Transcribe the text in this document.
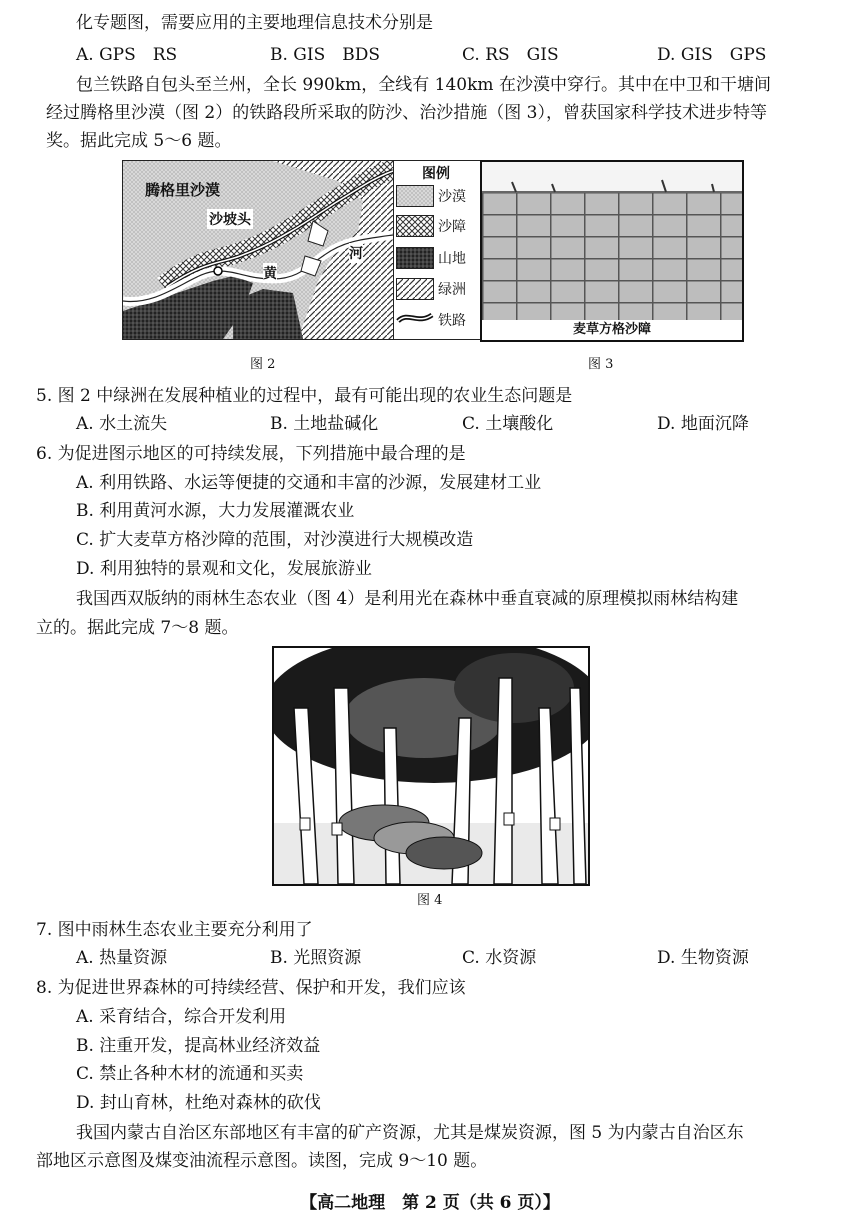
化专题图，需要应用的主要地理信息技术分别是
A. GPS　RS	B. GIS　BDS	C. RS　GIS	D. GIS　GPS
包兰铁路自包头至兰州，全长 990km，全线有 140km 在沙漠中穿行。其中在中卫和干塘间
经过腾格里沙漠（图 2）的铁路段所采取的防沙、治沙措施（图 3），曾获国家科学技术进步特等
奖。据此完成 5～6 题。
腾格里沙漠
沙坡头
黄
河
图例
沙漠
沙障
山地
绿洲
铁路
麦草方格沙障
图 2	图 3
5. 图 2 中绿洲在发展种植业的过程中，最有可能出现的农业生态问题是
A. 水土流失	B. 土地盐碱化	C. 土壤酸化	D. 地面沉降
6. 为促进图示地区的可持续发展，下列措施中最合理的是
A. 利用铁路、水运等便捷的交通和丰富的沙源，发展建材工业
B. 利用黄河水源，大力发展灌溉农业
C. 扩大麦草方格沙障的范围，对沙漠进行大规模改造
D. 利用独特的景观和文化，发展旅游业
我国西双版纳的雨林生态农业（图 4）是利用光在森林中垂直衰减的原理模拟雨林结构建
立的。据此完成 7～8 题。
图 4
7. 图中雨林生态农业主要充分利用了
A. 热量资源	B. 光照资源	C. 水资源	D. 生物资源
8. 为促进世界森林的可持续经营、保护和开发，我们应该
A. 采育结合，综合开发利用
B. 注重开发，提高林业经济效益
C. 禁止各种木材的流通和买卖
D. 封山育林，杜绝对森林的砍伐
我国内蒙古自治区东部地区有丰富的矿产资源，尤其是煤炭资源，图 5 为内蒙古自治区东
部地区示意图及煤变油流程示意图。读图，完成 9～10 题。
【高二地理　第 2 页（共 6 页）】
